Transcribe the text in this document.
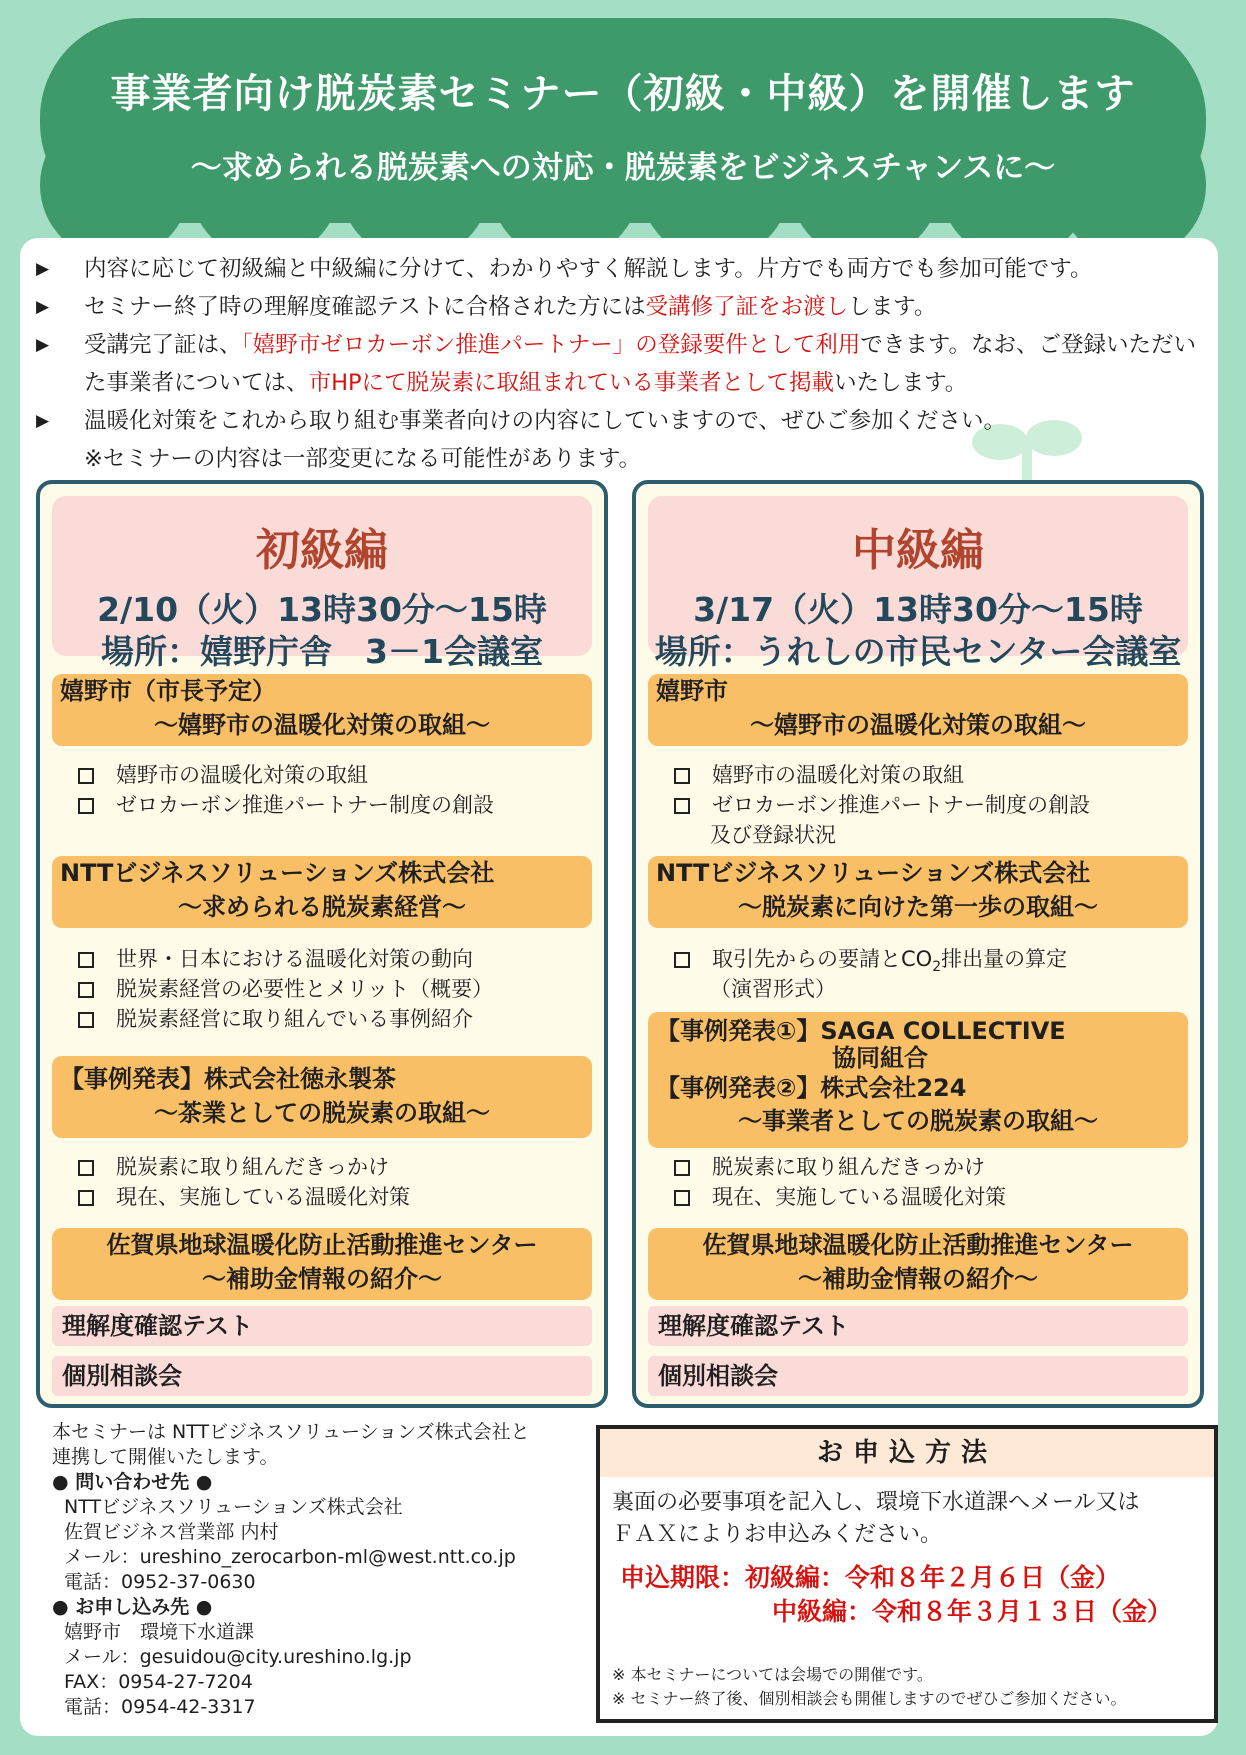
事業者向け脱炭素セミナー（初級・中級）を開催します
～求められる脱炭素への対応・脱炭素をビジネスチャンスに～
▶ 内容に応じて初級編と中級編に分けて、わかりやすく解説します。片方でも両方でも参加可能です。
▶ セミナー終了時の理解度確認テストに合格された方には受講修了証をお渡しします。
▶ 受講完了証は、「嬉野市ゼロカーボン推進パートナー」の登録要件として利用できます。なお、ご登録いただいた事業者については、市HPにて脱炭素に取組まれている事業者として掲載いたします。
▶ 温暖化対策をこれから取り組む事業者向けの内容にしていますので、ぜひご参加ください。
※セミナーの内容は一部変更になる可能性があります。
初級編
2/10（火）13時30分～15時
場所：嬉野庁舎　3－1会議室
嬉野市（市長予定）
～嬉野市の温暖化対策の取組～
嬉野市の温暖化対策の取組
ゼロカーボン推進パートナー制度の創設
NTTビジネスソリューションズ株式会社
～求められる脱炭素経営～
世界・日本における温暖化対策の動向
脱炭素経営の必要性とメリット（概要）
脱炭素経営に取り組んでいる事例紹介
【事例発表】株式会社徳永製茶
～茶業としての脱炭素の取組～
脱炭素に取り組んだきっかけ
現在、実施している温暖化対策
佐賀県地球温暖化防止活動推進センター
～補助金情報の紹介～
理解度確認テスト
個別相談会
中級編
3/17（火）13時30分～15時
場所：うれしの市民センター会議室
嬉野市
～嬉野市の温暖化対策の取組～
嬉野市の温暖化対策の取組
ゼロカーボン推進パートナー制度の創設
及び登録状況
NTTビジネスソリューションズ株式会社
～脱炭素に向けた第一歩の取組～
取引先からの要請と$CO_2$排出量の算定
（演習形式）
【事例発表①】SAGA COLLECTIVE
協同組合
【事例発表②】株式会社224
～事業者としての脱炭素の取組～
脱炭素に取り組んだきっかけ
現在、実施している温暖化対策
佐賀県地球温暖化防止活動推進センター
～補助金情報の紹介～
理解度確認テスト
個別相談会
本セミナーは NTTビジネスソリューションズ株式会社と
連携して開催いたします。
● 問い合わせ先 ●
NTTビジネスソリューションズ株式会社
佐賀ビジネス営業部 内村
メール：ureshino_zerocarbon-ml@west.ntt.co.jp
電話：0952-37-0630
● お申し込み先 ●
嬉野市　環境下水道課
メール：gesuidou@city.ureshino.lg.jp
FAX：0954-27-7204
電話：0954-42-3317
お申込方法
裏面の必要事項を記入し、環境下水道課へメール又は
ＦＡＸによりお申込みください。
申込期限：初級編：令和８年２月６日（金）
中級編：令和８年３月１３日（金）
※ 本セミナーについては会場での開催です。
※ セミナー終了後、個別相談会も開催しますのでぜひご参加ください。
